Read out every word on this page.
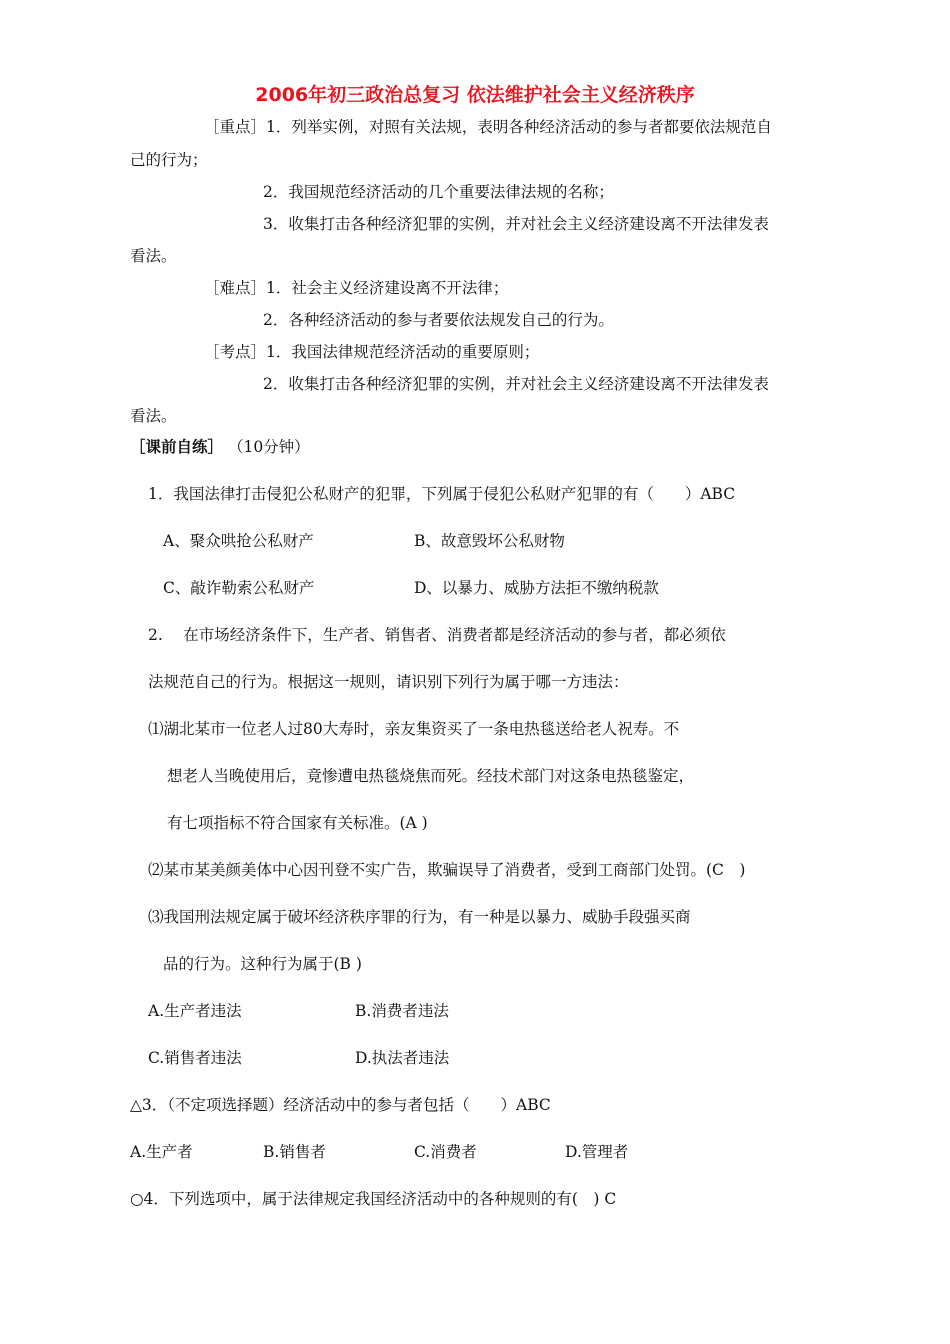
2006年初三政治总复习 依法维护社会主义经济秩序
［重点］1．列举实例，对照有关法规，表明各种经济活动的参与者都要依法规范自
己的行为；
2．我国规范经济活动的几个重要法律法规的名称；
3．收集打击各种经济犯罪的实例，并对社会主义经济建设离不开法律发表
看法。
［难点］1．社会主义经济建设离不开法律；
2．各种经济活动的参与者要依法规发自己的行为。
［考点］1．我国法律规范经济活动的重要原则；
2．收集打击各种经济犯罪的实例，并对社会主义经济建设离不开法律发表
看法。
［课前自练］ （10分钟）
1．我国法律打击侵犯公私财产的犯罪，下列属于侵犯公私财产犯罪的有（　　）ABC
A、聚众哄抢公私财产	B、故意毁坏公私财物
C、敲诈勒索公私财产	D、以暴力、威胁方法拒不缴纳税款
2.　 在市场经济条件下，生产者、销售者、消费者都是经济活动的参与者，都必须依
法规范自己的行为。根据这一规则，请识别下列行为属于哪一方违法：
⑴湖北某市一位老人过80大寿时，亲友集资买了一条电热毯送给老人祝寿。不
想老人当晚使用后，竟惨遭电热毯烧焦而死。经技术部门对这条电热毯鉴定，
有七项指标不符合国家有关标准。(A )
⑵某市某美颜美体中心因刊登不实广告，欺骗误导了消费者，受到工商部门处罚。(C　)
⑶我国刑法规定属于破坏经济秩序罪的行为，有一种是以暴力、威胁手段强买商
品的行为。这种行为属于(B )
A.生产者违法	B.消费者违法
C.销售者违法	D.执法者违法
△3．（不定项选择题）经济活动中的参与者包括（　　）ABC
A.生产者	B.销售者	C.消费者	D.管理者
○4．下列选项中，属于法律规定我国经济活动中的各种规则的有(　) C
